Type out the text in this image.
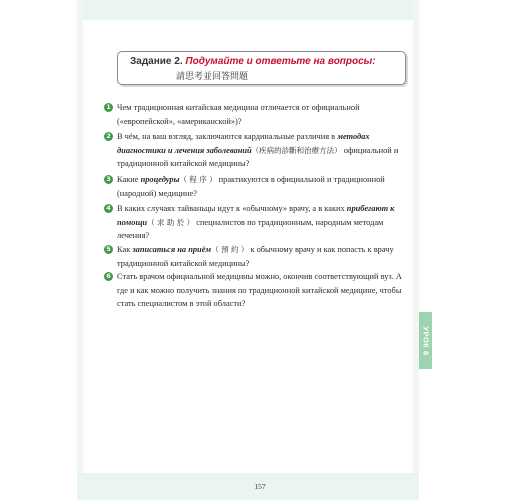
Задание 2. Подумайте и ответьте на вопросы:
請思考並回答問題

1 Чем традиционная китайская медицина отличается от официальной («европейской», «американской»)?

2 В чём, на ваш взгляд, заключаются кардинальные различия в методах диагностики и лечения заболеваний（疾病的診斷和治療方法） официальной и традиционной китайской медицины?

3 Какие процедуры（ 程 序 ） практикуются в официальной и традиционной (народной) медицине?

4 В каких случаях тайваньцы идут к «обычному» врачу, а в каких прибегают к помощи（ 求 助 於 ） специалистов по традиционным, народным методам лечения?

5 Как записаться на приём（ 預 約 ） к обычному врачу и как попасть к врачу традиционной китайской медицины?

6 Стать врачом официальной медицины можно, окончив соответствующий вуз. А где и как можно получить знания по традиционной китайской медицине, чтобы стать специалистом в этой области?

УРОК 6
157
